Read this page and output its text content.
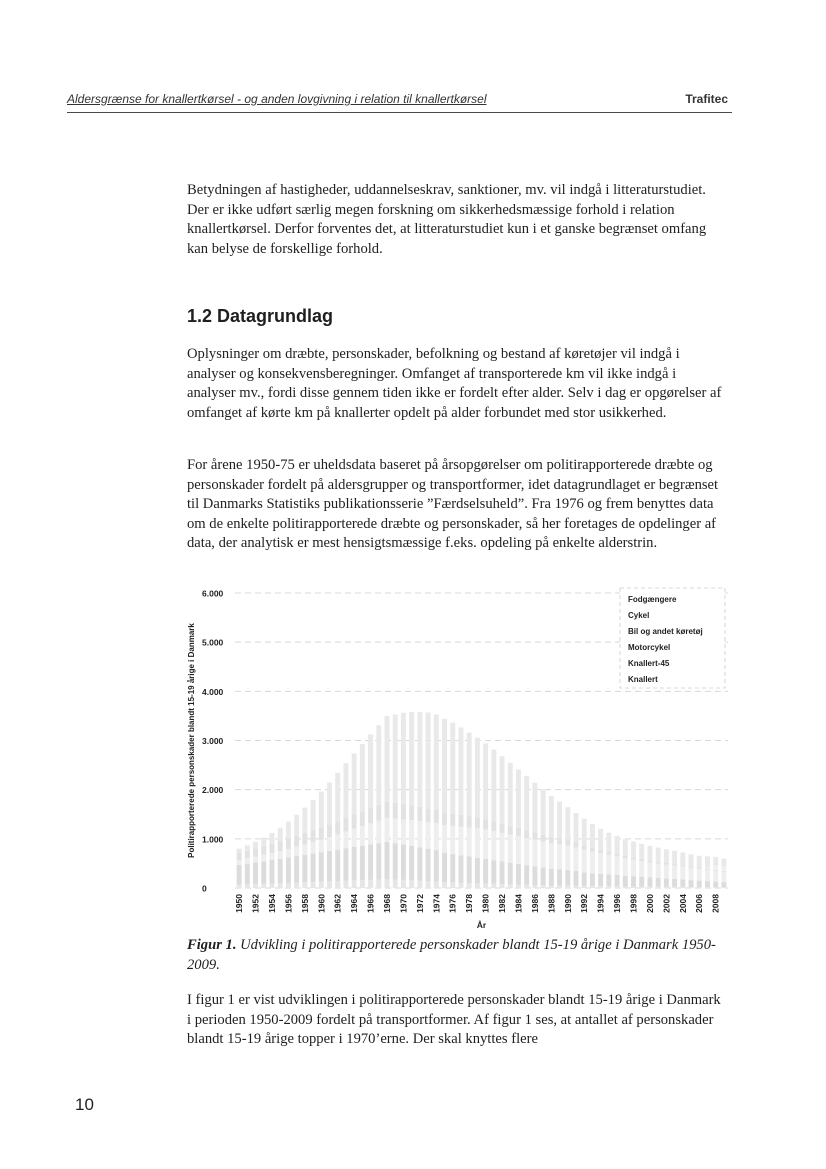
Aldersgrænse for knallertkørsel - og anden lovgivning i relation til knallertkørsel	Trafitec

Betydningen af hastigheder, uddannelseskrav, sanktioner, mv. vil indgå i litteraturstudiet. Der er ikke udført særlig megen forskning om sikkerhedsmæssige forhold i relation knallertkørsel. Derfor forventes det, at litteraturstudiet kun i et ganske begrænset omfang kan belyse de forskellige forhold.

1.2 Datagrundlag

Oplysninger om dræbte, personskader, befolkning og bestand af køretøjer vil indgå i analyser og konsekvensberegninger. Omfanget af transporterede km vil ikke indgå i analyser mv., fordi disse gennem tiden ikke er fordelt efter alder. Selv i dag er opgørelser af omfanget af kørte km på knallerter opdelt på alder forbundet med stor usikkerhed.

For årene 1950-75 er uheldsdata baseret på årsopgørelser om politirapporterede dræbte og personskader fordelt på aldersgrupper og transportformer, idet datagrundlaget er begrænset til Danmarks Statistiks publikationsserie ”Færdselsuheld”. Fra 1976 og frem benyttes data om de enkelte politirapporterede dræbte og personskader, så her foretages de opdelinger af data, der analytisk er mest hensigtsmæssige f.eks. opdeling på enkelte alderstrin.

0
1.000
2.000
3.000
4.000
5.000
6.000
Politirapporterede personskader blandt 15-19 årige i Danmark
1950 1952 1954 1956 1958 1960 1962 1964 1966 1968 1970 1972 1974 1976 1978 1980 1982 1984 1986 1988 1990 1992 1994 1996 1998 2000 2002 2004 2006 2008
År
Fodgængere
Cykel
Bil og andet køretøj
Motorcykel
Knallert-45
Knallert

Figur 1. Udvikling i politirapporterede personskader blandt 15-19 årige i Danmark 1950-2009.

I figur 1 er vist udviklingen i politirapporterede personskader blandt 15-19 årige i Danmark i perioden 1950-2009 fordelt på transportformer. Af figur 1 ses, at antallet af personskader blandt 15-19 årige topper i 1970’erne. Der skal knyttes flere

10
